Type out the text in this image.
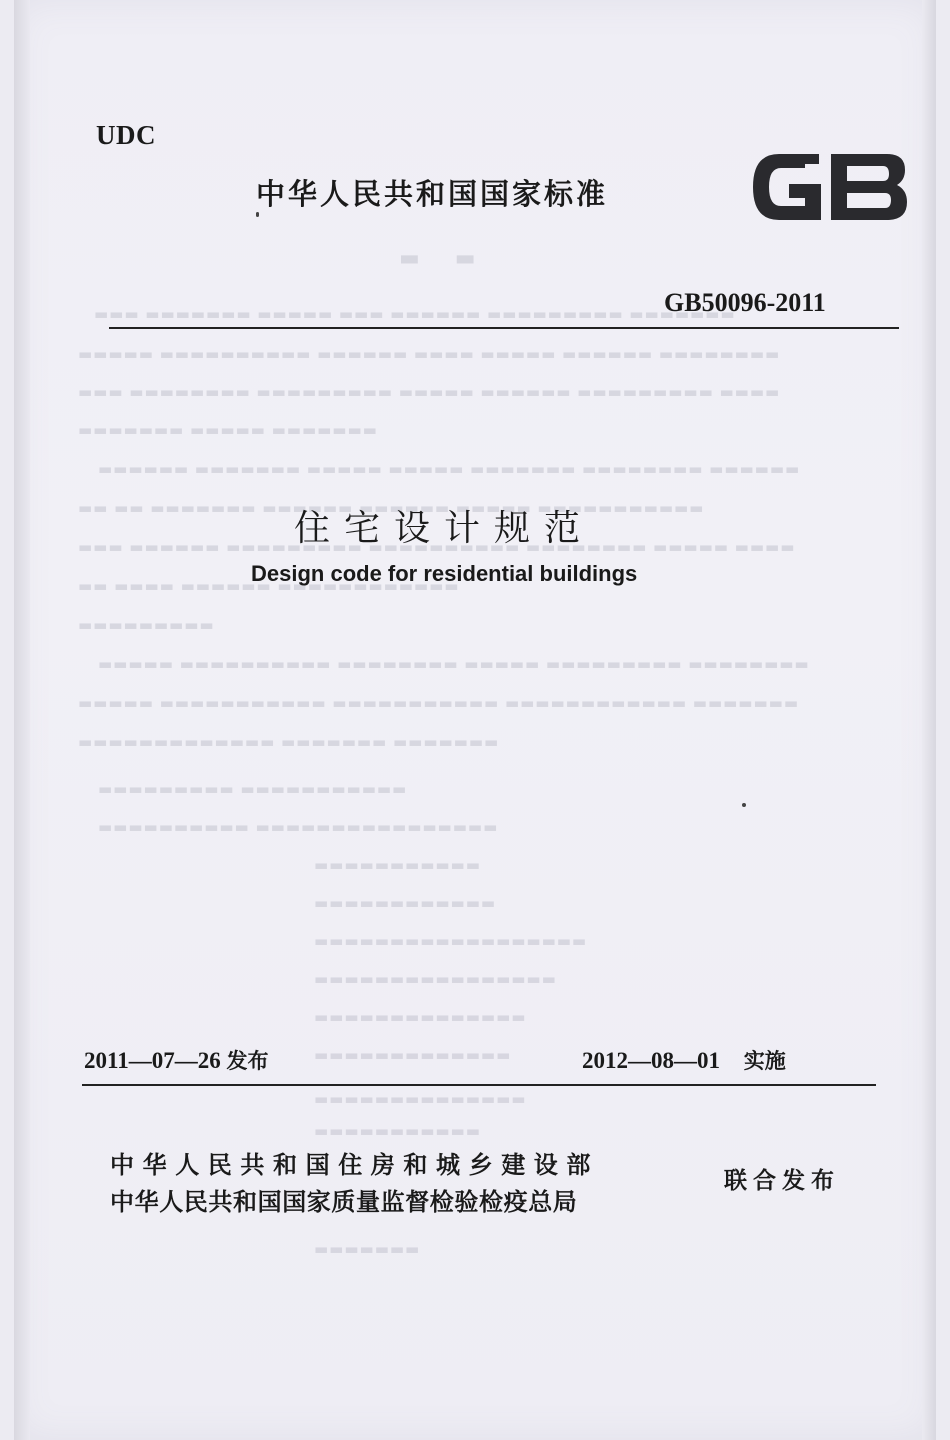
▬ ▬
▬▬▬ ▬▬▬▬▬▬▬ ▬▬▬▬▬ ▬▬▬ ▬▬▬▬▬▬ ▬▬▬▬▬▬▬▬▬ ▬▬▬▬▬▬▬
▬▬▬▬▬ ▬▬▬▬▬▬▬▬▬▬ ▬▬▬▬▬▬ ▬▬▬▬ ▬▬▬▬▬ ▬▬▬▬▬▬ ▬▬▬▬▬▬▬▬
▬▬▬ ▬▬▬▬▬▬▬▬ ▬▬▬▬▬▬▬▬▬ ▬▬▬▬▬ ▬▬▬▬▬▬ ▬▬▬▬▬▬▬▬▬ ▬▬▬▬
▬▬▬▬▬▬▬ ▬▬▬▬▬ ▬▬▬▬▬▬▬
▬▬▬▬▬▬ ▬▬▬▬▬▬▬ ▬▬▬▬▬ ▬▬▬▬▬ ▬▬▬▬▬▬▬ ▬▬▬▬▬▬▬▬ ▬▬▬▬▬▬
▬▬ ▬▬ ▬▬▬▬▬▬▬ ▬▬▬▬▬▬ ▬▬▬▬▬▬ ▬▬▬▬▬ ▬▬▬▬▬▬▬▬▬▬▬
▬▬▬ ▬▬▬▬▬▬ ▬▬▬▬▬▬▬▬▬ ▬▬▬▬▬▬▬▬▬▬ ▬▬▬▬▬▬▬▬ ▬▬▬▬▬ ▬▬▬▬
▬▬ ▬▬▬▬ ▬▬▬▬▬▬ ▬▬▬▬▬▬▬▬▬▬▬▬
▬▬▬▬▬▬▬▬▬
▬▬▬▬▬ ▬▬▬▬▬▬▬▬▬▬ ▬▬▬▬▬▬▬▬ ▬▬▬▬▬ ▬▬▬▬▬▬▬▬▬ ▬▬▬▬▬▬▬▬
▬▬▬▬▬ ▬▬▬▬▬▬▬▬▬▬▬ ▬▬▬▬▬▬▬▬▬▬▬ ▬▬▬▬▬▬▬▬▬▬▬▬ ▬▬▬▬▬▬▬
▬▬▬▬▬▬▬▬▬▬▬▬▬ ▬▬▬▬▬▬▬ ▬▬▬▬▬▬▬
▬▬▬▬▬▬▬▬▬ ▬▬▬▬▬▬▬▬▬▬▬
▬▬▬▬▬▬▬▬▬▬ ▬▬▬▬▬▬▬▬▬▬▬▬▬▬▬▬
▬▬▬▬▬▬▬▬▬▬▬
▬▬▬▬▬▬▬▬▬▬▬▬
▬▬▬▬▬▬▬▬▬▬▬▬▬▬▬▬▬▬
▬▬▬▬▬▬▬▬▬▬▬▬▬▬▬▬
▬▬▬▬▬▬▬▬▬▬▬▬▬▬
▬▬▬▬▬▬▬▬▬▬▬▬▬
▬▬▬▬▬▬▬▬▬▬▬▬▬▬
▬▬▬▬▬▬▬▬▬▬▬
▬▬▬▬▬▬▬
UDC
中华人民共和国国家标准
GB50096-2011
住宅设计规范
Design code for residential buildings
2011—07—26 发布	2012—08—01 实施
中华人民共和国住房和城乡建设部
中华人民共和国国家质量监督检验检疫总局
联合发布
